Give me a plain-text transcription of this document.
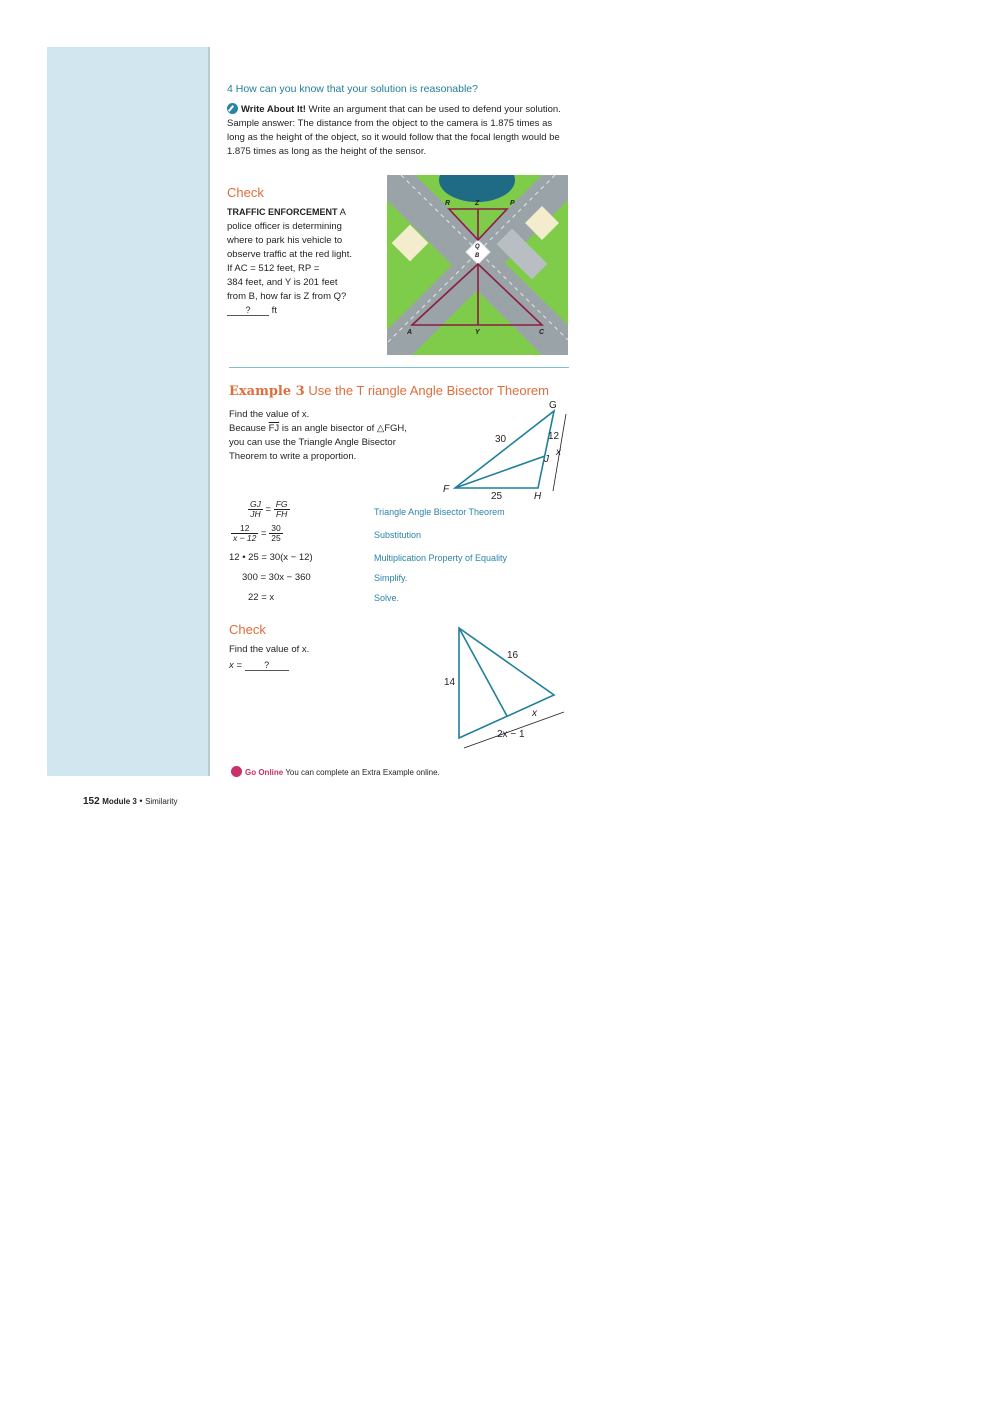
4 How can you know that your solution is reasonable?
Write About It! Write an argument that can be used to defend your solution.
Sample answer: The distance from the object to the camera is 1.875 times as long as the height of the object, so it would follow that the focal length would be 1.875 times as long as the height of the sensor.
Check
TRAFFIC ENFORCEMENT A
police officer is determining
where to park his vehicle to
observe traffic at the red light.
If AC = 512 feet, RP =
384 feet, and Y is 201 feet
from B, how far is Z from Q?
? ft
R	Z	P
Q
B
A	Y	C
Example 3 Use the T riangle Angle Bisector Theorem
Find the value of x.
Because $\overline{FJ}$ is an angle bisector of △FGH,
you can use the Triangle Angle Bisector
Theorem to write a proportion.
G
F
H
J
x
30	12
25
$\frac{GJ}{JH} = \frac{FG}{FH}$	Triangle Angle Bisector Theorem
$\frac{12}{x - 12} = \frac{30}{25}$	Substitution
12 • 25 = 30(x − 12)	Multiplication Property of Equality
300 = 30x − 360	Simplify.
22 = x	Solve.
Check
Find the value of x.
x = ?
16
14
x
2x − 1
Go Online You can complete an Extra Example online.
152 Module 3 • Similarity
